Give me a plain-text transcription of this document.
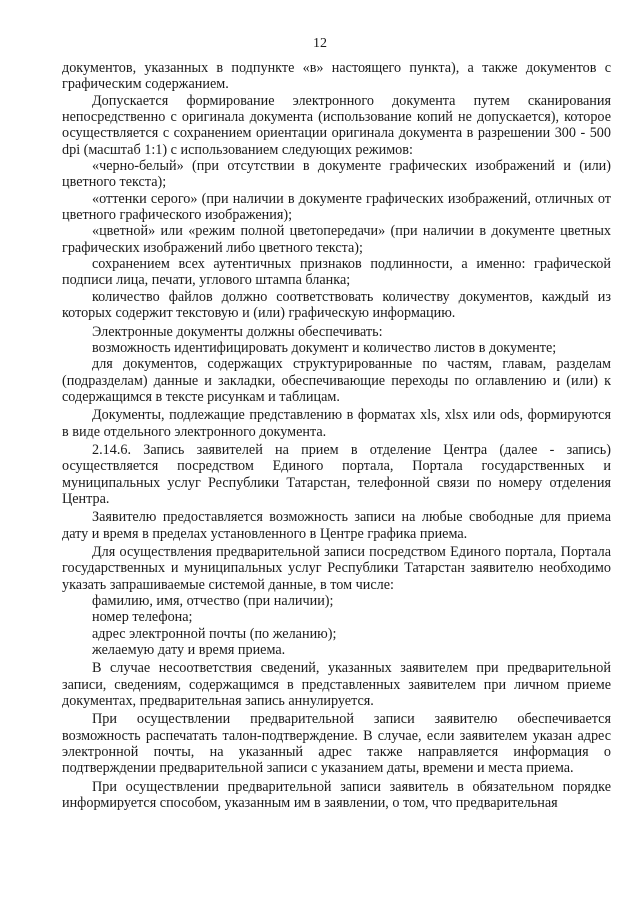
12

документов, указанных в подпункте «в» настоящего пункта), а также документов с графическим содержанием.

Допускается формирование электронного документа путем сканирования непосредственно с оригинала документа (использование копий не допускается), которое осуществляется с сохранением ориентации оригинала документа в разрешении 300 - 500 dpi (масштаб 1:1) с использованием следующих режимов:

«черно-белый» (при отсутствии в документе графических изображений и (или) цветного текста);

«оттенки серого» (при наличии в документе графических изображений, отличных от цветного графического изображения);

«цветной» или «режим полной цветопередачи» (при наличии в документе цветных графических изображений либо цветного текста);

сохранением всех аутентичных признаков подлинности, а именно: графической подписи лица, печати, углового штампа бланка;

количество файлов должно соответствовать количеству документов, каждый из которых содержит текстовую и (или) графическую информацию.

Электронные документы должны обеспечивать:

возможность идентифицировать документ и количество листов в документе;

для документов, содержащих структурированные по частям, главам, разделам (подразделам) данные и закладки, обеспечивающие переходы по оглавлению и (или) к содержащимся в тексте рисункам и таблицам.

Документы, подлежащие представлению в форматах xls, xlsx или ods, формируются в виде отдельного электронного документа.

2.14.6. Запись заявителей на прием в отделение Центра (далее - запись) осуществляется посредством Единого портала, Портала государственных и муниципальных услуг Республики Татарстан, телефонной связи по номеру отделения Центра.

Заявителю предоставляется возможность записи на любые свободные для приема дату и время в пределах установленного в Центре графика приема.

Для осуществления предварительной записи посредством Единого портала, Портала государственных и муниципальных услуг Республики Татарстан заявителю необходимо указать запрашиваемые системой данные, в том числе:

фамилию, имя, отчество (при наличии);

номер телефона;

адрес электронной почты (по желанию);

желаемую дату и время приема.

В случае несоответствия сведений, указанных заявителем при предварительной записи, сведениям, содержащимся в представленных заявителем при личном приеме документах, предварительная запись аннулируется.

При осуществлении предварительной записи заявителю обеспечивается возможность распечатать талон-подтверждение. В случае, если заявителем указан адрес электронной почты, на указанный адрес также направляется информация о подтверждении предварительной записи с указанием даты, времени и места приема.

При осуществлении предварительной записи заявитель в обязательном порядке информируется способом, указанным им в заявлении, о том, что предварительная
